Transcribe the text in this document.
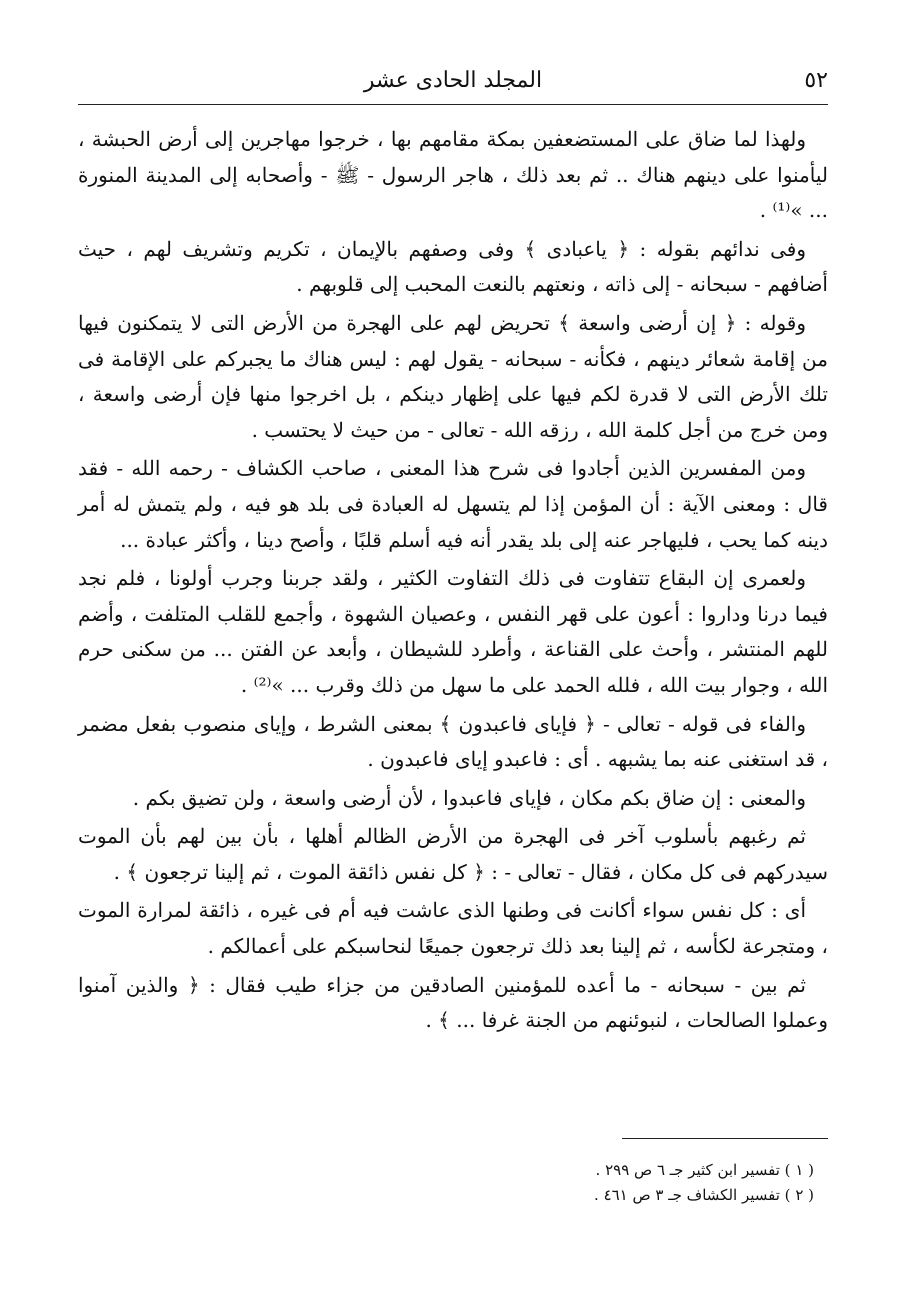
٥٢
المجلد الحادى عشر

ولهذا لما ضاق على المستضعفين بمكة مقامهم بها ، خرجوا مهاجرين إلى أرض الحبشة ، ليأمنوا على دينهم هناك .. ثم بعد ذلك ، هاجر الرسول - ﷺ - وأصحابه إلى المدينة المنورة ... »⁽¹⁾ .

وفى ندائهم بقوله : ﴿ ياعبادى ﴾ وفى وصفهم بالإيمان ، تكريم وتشريف لهم ، حيث أضافهم - سبحانه - إلى ذاته ، ونعتهم بالنعت المحبب إلى قلوبهم .

وقوله : ﴿ إن أرضى واسعة ﴾ تحريض لهم على الهجرة من الأرض التى لا يتمكنون فيها من إقامة شعائر دينهم ، فكأنه - سبحانه - يقول لهم : ليس هناك ما يجبركم على الإقامة فى تلك الأرض التى لا قدرة لكم فيها على إظهار دينكم ، بل اخرجوا منها فإن أرضى واسعة ، ومن خرج من أجل كلمة الله ، رزقه الله - تعالى - من حيث لا يحتسب .

ومن المفسرين الذين أجادوا فى شرح هذا المعنى ، صاحب الكشاف - رحمه الله - فقد قال : ومعنى الآية : أن المؤمن إذا لم يتسهل له العبادة فى بلد هو فيه ، ولم يتمش له أمر دينه كما يحب ، فليهاجر عنه إلى بلد يقدر أنه فيه أسلم قلبًا ، وأصح دينا ، وأكثر عبادة ...

ولعمرى إن البقاع تتفاوت فى ذلك التفاوت الكثير ، ولقد جربنا وجرب أولونا ، فلم نجد فيما درنا وداروا : أعون على قهر النفس ، وعصيان الشهوة ، وأجمع للقلب المتلفت ، وأضم للهم المنتشر ، وأحث على القناعة ، وأطرد للشيطان ، وأبعد عن الفتن ... من سكنى حرم الله ، وجوار بيت الله ، فلله الحمد على ما سهل من ذلك وقرب ... »⁽²⁾ .

والفاء فى قوله - تعالى - ﴿ فإياى فاعبدون ﴾ بمعنى الشرط ، وإياى منصوب بفعل مضمر ، قد استغنى عنه بما يشبهه . أى : فاعبدو إياى فاعبدون .

والمعنى : إن ضاق بكم مكان ، فإياى فاعبدوا ، لأن أرضى واسعة ، ولن تضيق بكم .

ثم رغبهم بأسلوب آخر فى الهجرة من الأرض الظالم أهلها ، بأن بين لهم بأن الموت سيدركهم فى كل مكان ، فقال - تعالى - : ﴿ كل نفس ذائقة الموت ، ثم إلينا ترجعون ﴾ .

أى : كل نفس سواء أكانت فى وطنها الذى عاشت فيه أم فى غيره ، ذائقة لمرارة الموت ، ومتجرعة لكأسه ، ثم إلينا بعد ذلك ترجعون جميعًا لنحاسبكم على أعمالكم .

ثم بين - سبحانه - ما أعده للمؤمنين الصادقين من جزاء طيب فقال : ﴿ والذين آمنوا وعملوا الصالحات ، لنبوئنهم من الجنة غرفا ... ﴾ .

( ١ ) تفسير ابن كثير جـ ٦ ص ٢٩٩ .
( ٢ ) تفسير الكشاف جـ ٣ ص ٤٦١ .
